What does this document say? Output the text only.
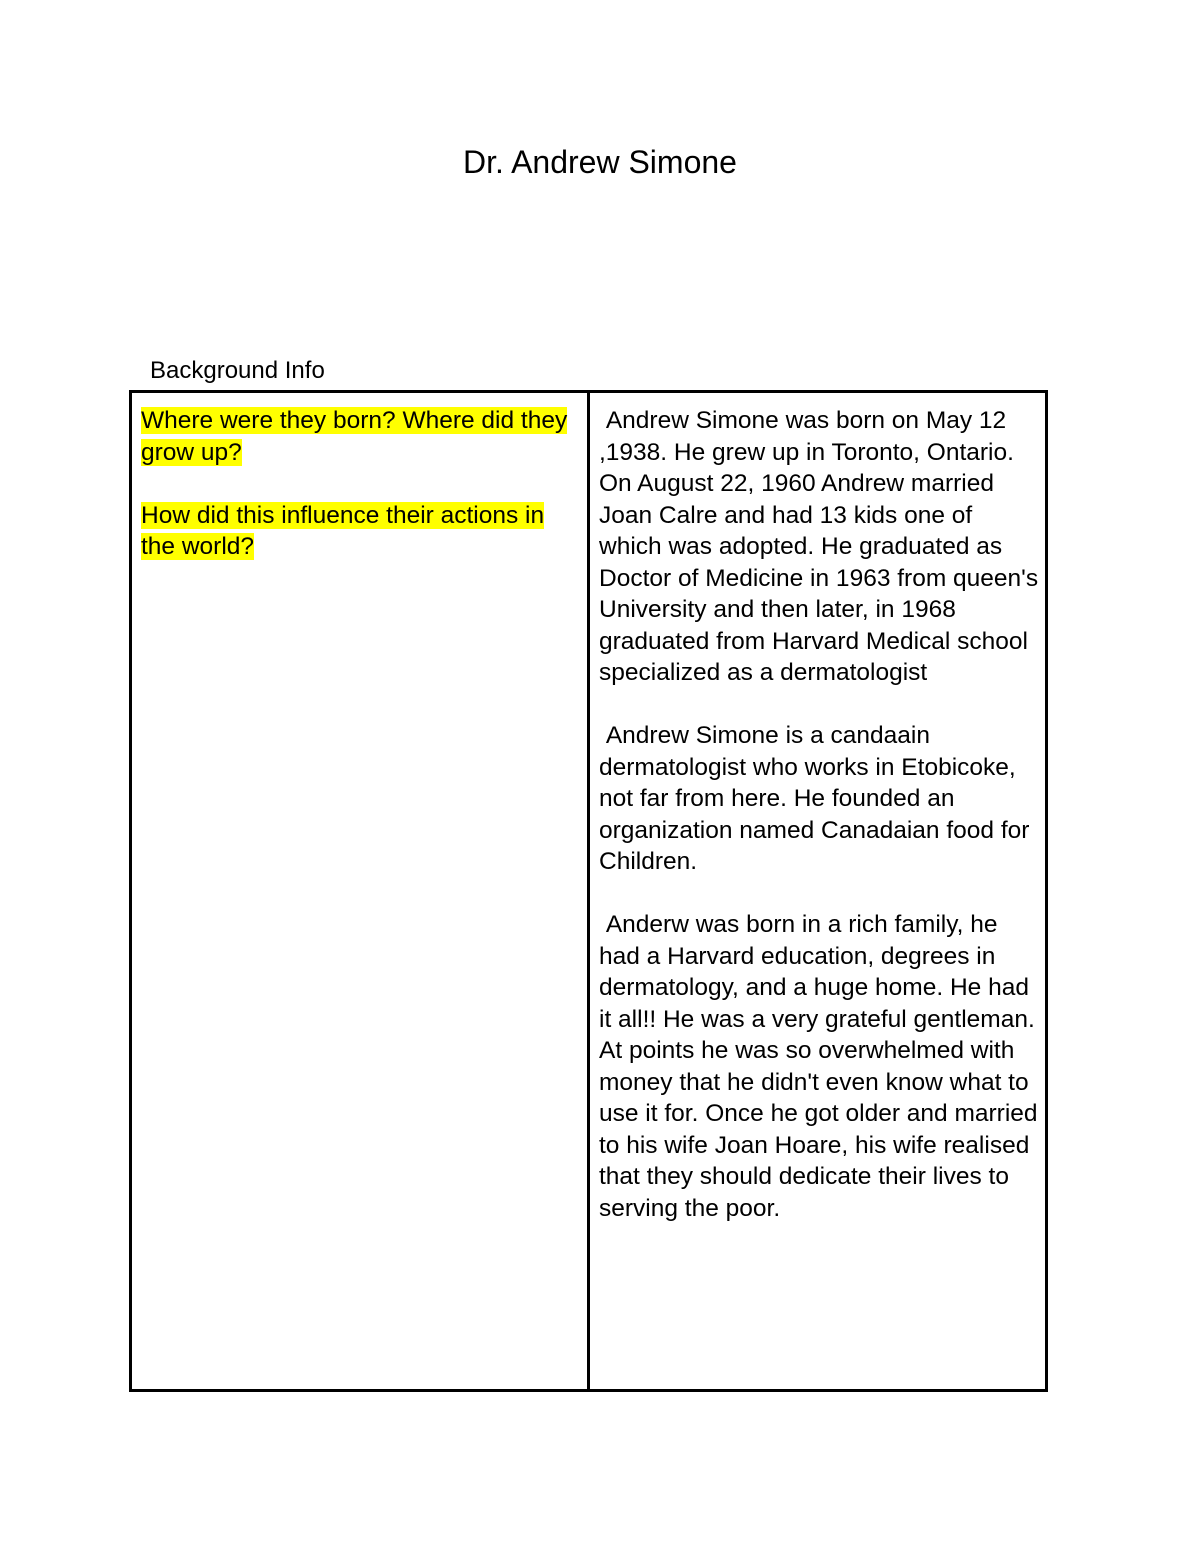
Dr. Andrew Simone
Background Info

Where were they born? Where did they grow up?

How did this influence their actions in the world?

Andrew Simone was born on May 12 ,1938. He grew up in Toronto, Ontario. On August 22, 1960 Andrew married Joan Calre and had 13 kids one of which was adopted. He graduated as Doctor of Medicine in 1963 from queen's University and then later, in 1968 graduated from Harvard Medical school specialized as a dermatologist

Andrew Simone is a candaain dermatologist who works in Etobicoke, not far from here. He founded an organization named Canadaian food for Children.

Anderw was born in a rich family, he had a Harvard education, degrees in dermatology, and a huge home. He had it all!! He was a very grateful gentleman. At points he was so overwhelmed with money that he didn't even know what to use it for. Once he got older and married to his wife Joan Hoare, his wife realised that they should dedicate their lives to serving the poor.
